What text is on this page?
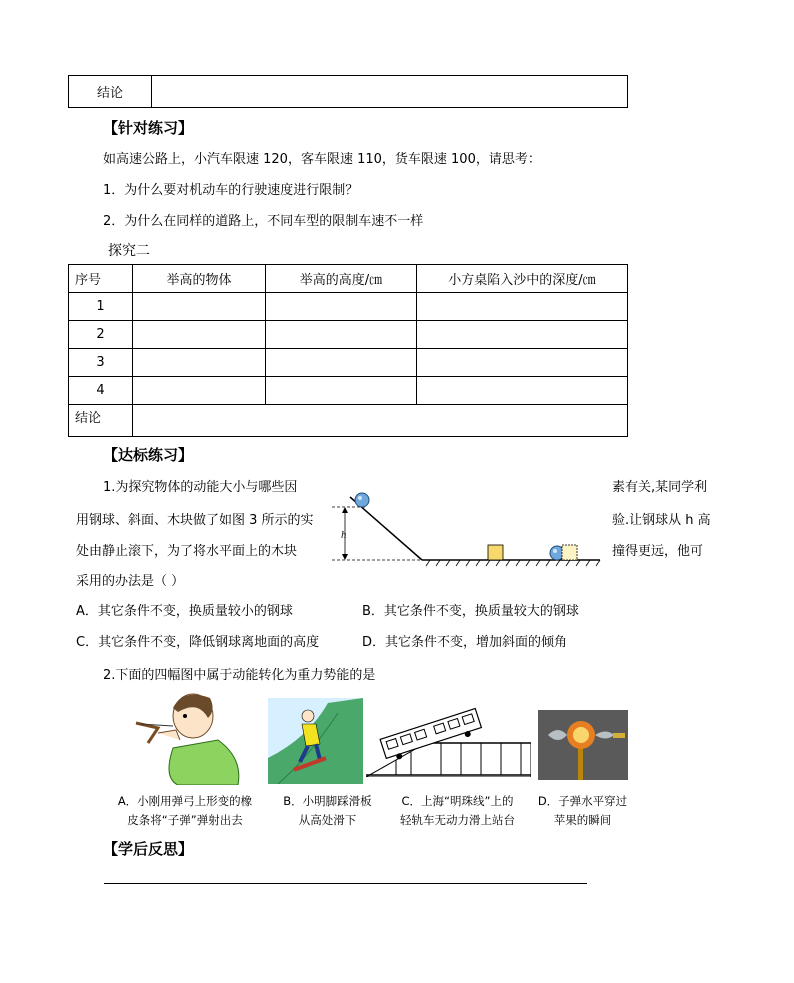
结论	
【针对练习】
如高速公路上，小汽车限速 120，客车限速 110，货车限速 100，请思考：
1．为什么要对机动车的行驶速度进行限制？
2．为什么在同样的道路上，不同车型的限制车速不一样
探究二
序号	举高的物体	举高的高度/㎝	小方桌陷入沙中的深度/㎝
1			
2			
3			
4			
结论			
【达标练习】
1.为探究物体的动能大小与哪些因	素有关,某同学利
用钢球、斜面、木块做了如图 3 所示的实	验.让钢球从 h 高
处由静止滚下，为了将水平面上的木块	撞得更远，他可
采用的办法是（ ）
h
A．其它条件不变，换质量较小的钢球	B．其它条件不变，换质量较大的钢球
C．其它条件不变，降低钢球离地面的高度	D．其它条件不变，增加斜面的倾角
2.下面的四幅图中属于动能转化为重力势能的是
A．小刚用弹弓上形变的橡
皮条将“子弹”弹射出去
B．小明脚踩滑板
从高处滑下
C．上海“明珠线”上的
轻轨车无动力滑上站台
D．子弹水平穿过
苹果的瞬间
【学后反思】
